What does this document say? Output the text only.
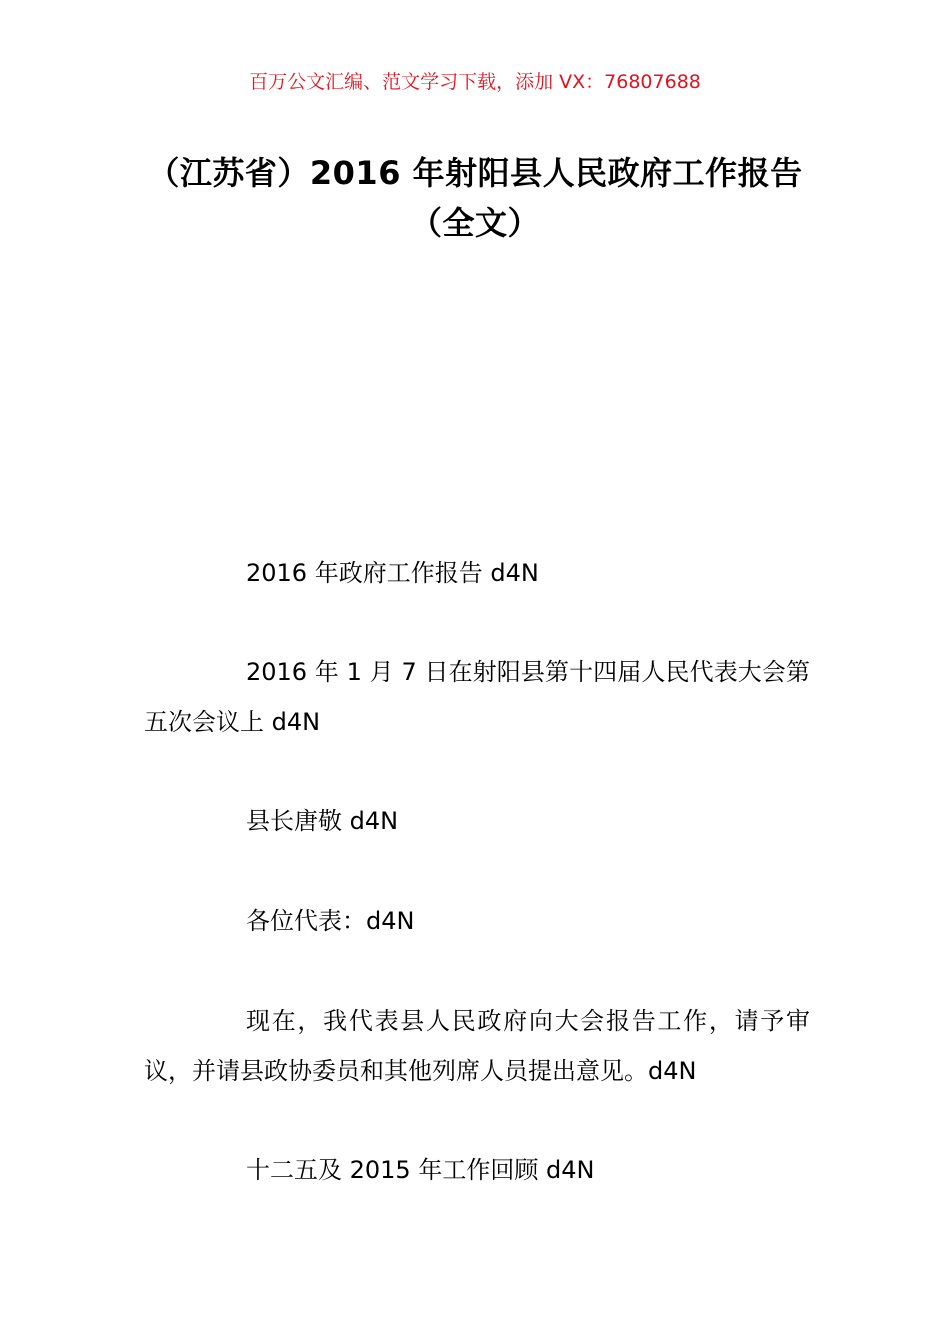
百万公文汇编、范文学习下载，添加 VX：76807688
（江苏省）2016 年射阳县人民政府工作报告（全文）
2016 年政府工作报告 d4N
2016 年 1 月 7 日在射阳县第十四届人民代表大会第五次会议上 d4N
县长唐敬 d4N
各位代表：d4N
现在，我代表县人民政府向大会报告工作，请予审议，并请县政协委员和其他列席人员提出意见。d4N
十二五及 2015 年工作回顾 d4N
